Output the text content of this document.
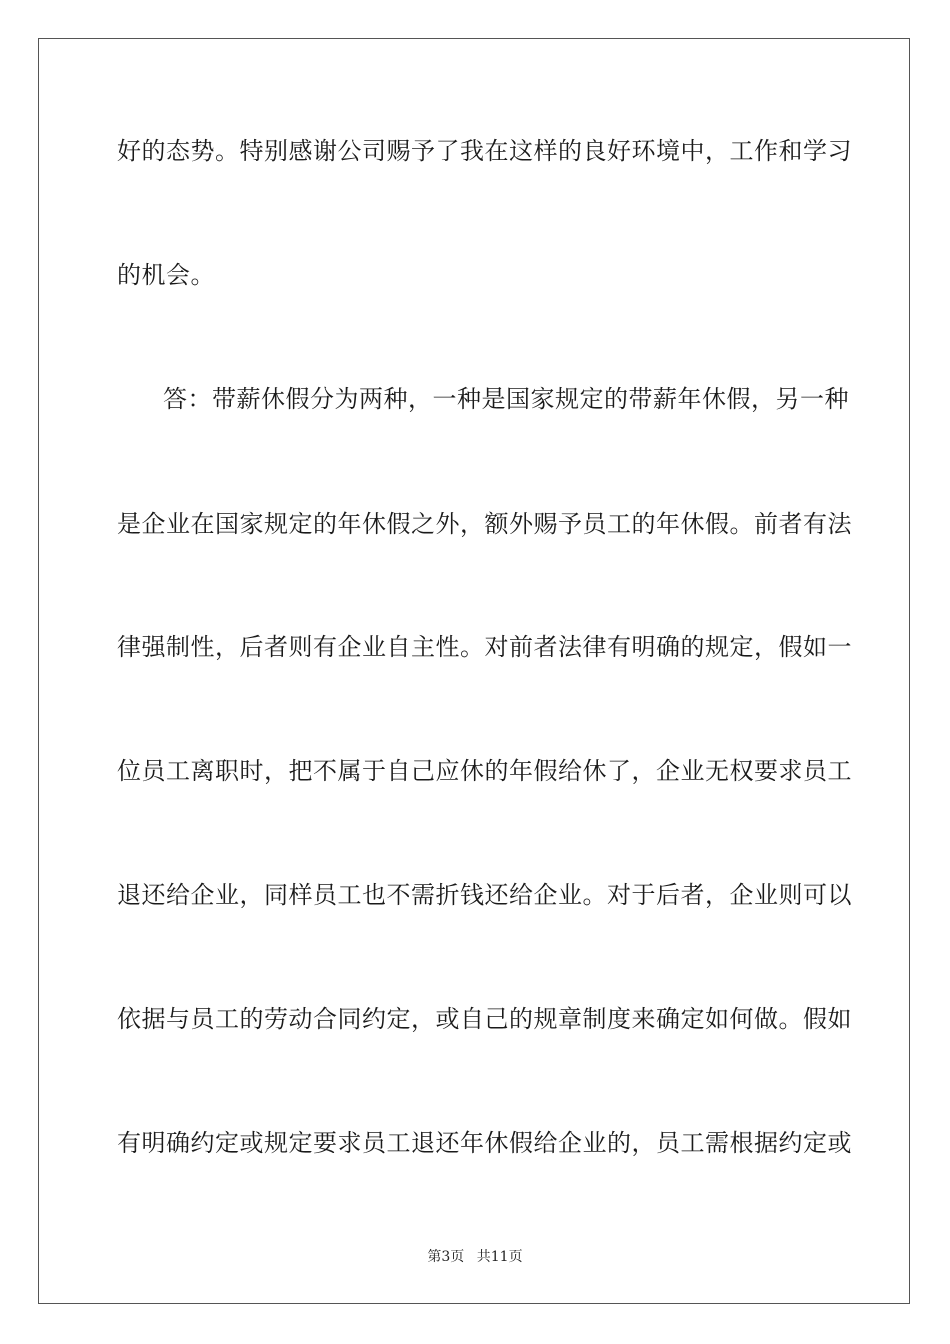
好的态势。特别感谢公司赐予了我在这样的良好环境中，工作和学习
的机会。
答：带薪休假分为两种，一种是国家规定的带薪年休假，另一种
是企业在国家规定的年休假之外，额外赐予员工的年休假。前者有法
律强制性，后者则有企业自主性。对前者法律有明确的规定，假如一
位员工离职时，把不属于自己应休的年假给休了，企业无权要求员工
退还给企业，同样员工也不需折钱还给企业。对于后者，企业则可以
依据与员工的劳动合同约定，或自己的规章制度来确定如何做。假如
有明确约定或规定要求员工退还年休假给企业的，员工需根据约定或
第3页 共11页
